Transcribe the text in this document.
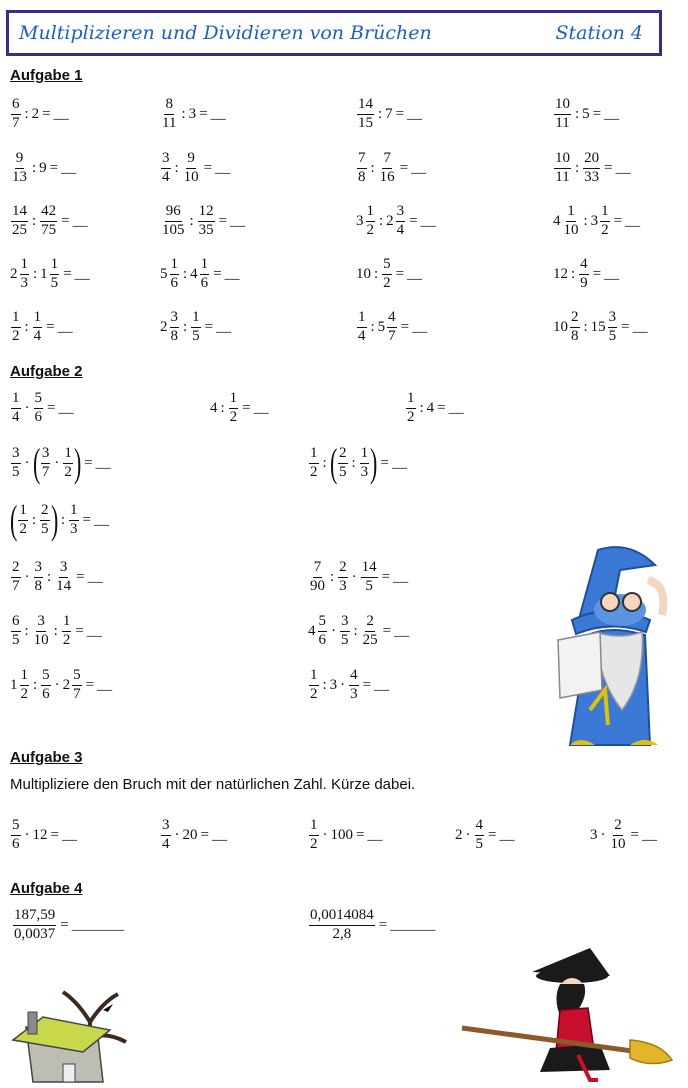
Multiplizieren und Dividieren von Brüchen	Station 4
Aufgabe 1
$\frac{6}{7}$ : 2 = __	$\frac{8}{11}$ : 3 = __	$\frac{14}{15}$ : 7 = __	$\frac{10}{11}$ : 5 = __
$\frac{9}{13}$ : 9 = __	$\frac{3}{4}$ : $\frac{9}{10}$ = __	$\frac{7}{8}$ : $\frac{7}{16}$ = __	$\frac{10}{11}$ : $\frac{20}{33}$ = __
$\frac{14}{25}$ : $\frac{42}{75}$ = __	$\frac{96}{105}$ : $\frac{12}{35}$ = __	$3 \frac{1}{2}$ : $2 \frac{3}{4}$ = __	$4 \frac{1}{10}$ : $3 \frac{1}{2}$ = __
$2 \frac{1}{3}$ : $1 \frac{1}{5}$ = __	$5 \frac{1}{6}$ : $4 \frac{1}{6}$ = __	10 : $\frac{5}{2}$ = __	12 : $\frac{4}{9}$ = __
$\frac{1}{2}$ : $\frac{1}{4}$ = __	$2 \frac{3}{8}$ : $\frac{1}{5}$ = __	$\frac{1}{4}$ : $5 \frac{4}{7}$ = __	$10 \frac{2}{8}$ : $15 \frac{3}{5}$ = __
Aufgabe 2
$\frac{1}{4} \cdot \frac{5}{6}$ = __	4 : $\frac{1}{2}$ = __	$\frac{1}{2}$ : 4 = __
$\frac{3}{5}$ · ( $\frac{3}{7} \cdot \frac{1}{2}$ ) = __	$\frac{1}{2}$ : ( $\frac{2}{5}$ : $\frac{1}{3}$ ) = __
( $\frac{1}{2}$ : $\frac{2}{5}$ ) : $\frac{1}{3}$ = __
$\frac{2}{7} \cdot \frac{3}{8}$ : $\frac{3}{14}$ = __	$\frac{7}{90}$ : $\frac{2}{3} \cdot \frac{14}{5}$ = __
$\frac{6}{5}$ : $\frac{3}{10}$ : $\frac{1}{2}$ = __	$4 \frac{5}{6} \cdot \frac{3}{5}$ : $\frac{2}{25}$ = __
$1 \frac{1}{2}$ : $\frac{5}{6} \cdot 2 \frac{5}{7}$ = __	$\frac{1}{2}$ : $3 \cdot \frac{4}{3}$ = __
Aufgabe 3
Multipliziere den Bruch mit der natürlichen Zahl. Kürze dabei.
$\frac{5}{6} \cdot 12$ = __	$\frac{3}{4} \cdot 20$ = __	$\frac{1}{2} \cdot 100$ = __	$2 \cdot \frac{4}{5}$ = __	$3 \cdot \frac{2}{10}$ = __
Aufgabe 4
$\frac{187,59}{0,0037}$ = _______	$\frac{0,0014084}{2,8}$ = ______
